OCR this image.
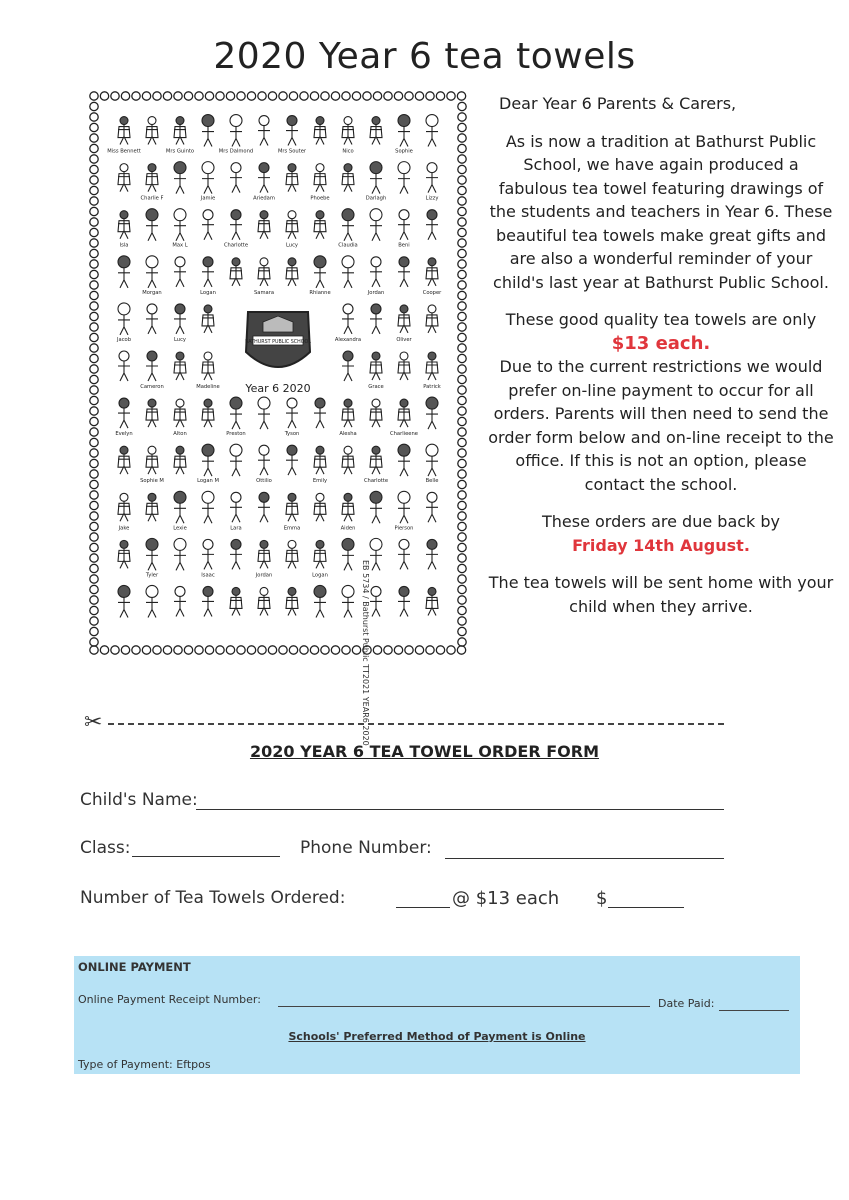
2020 Year 6 tea towels
Miss Bennett	Mrs Guinto	Mrs Dalmond	Mrs Souter	Nico	Sophie
Charlie F	Jamie	Ariedam	Phoebe	Darlagh	Lizzy
Isla	Max L	Charlotte	Lucy	Claudia	Beni
Morgan	Logan	Samara	Rhianne	Jordan	Cooper
Jacob	Lucy	Alexandra	Oliver
Cameron	Madeline	Grace	Patrick
Evelyn	Alton	Preston	Tyson	Alesha	Charlieene
Sophie M	Logan M	Ottilio	Emily	Charlotte	Belle
Jake	Lexie	Lara	Emma	Aiden	Pierson
Tyler	Isaac	Jordan	Logan
BATHURST PUBLIC SCHOOL
Year 6 2020
EB 5734 / Bathurst Public TT2021 YEAR6 2020

Dear Year 6 Parents & Carers,

As is now a tradition at Bathurst Public School, we have again produced a fabulous tea towel featuring drawings of the students and teachers in Year 6. These beautiful tea towels make great gifts and are also a wonderful reminder of your child's last year at Bathurst Public School.

These good quality tea towels are only

$13 each.

Due to the current restrictions we would prefer on-line payment to occur for all orders. Parents will then need to send the order form below and on-line receipt to the office. If this is not an option, please contact the school.

These orders are due back by

Friday 14th August.

The tea towels will be sent home with your child when they arrive.

✂
2020 YEAR 6 TEA TOWEL ORDER FORM
Child's Name:
Class:	Phone Number:
Number of Tea Towels Ordered:	@ $13 each $
ONLINE PAYMENT
Online Payment Receipt Number:	Date Paid:
Schools' Preferred Method of Payment is Online
Type of Payment: Eftpos
